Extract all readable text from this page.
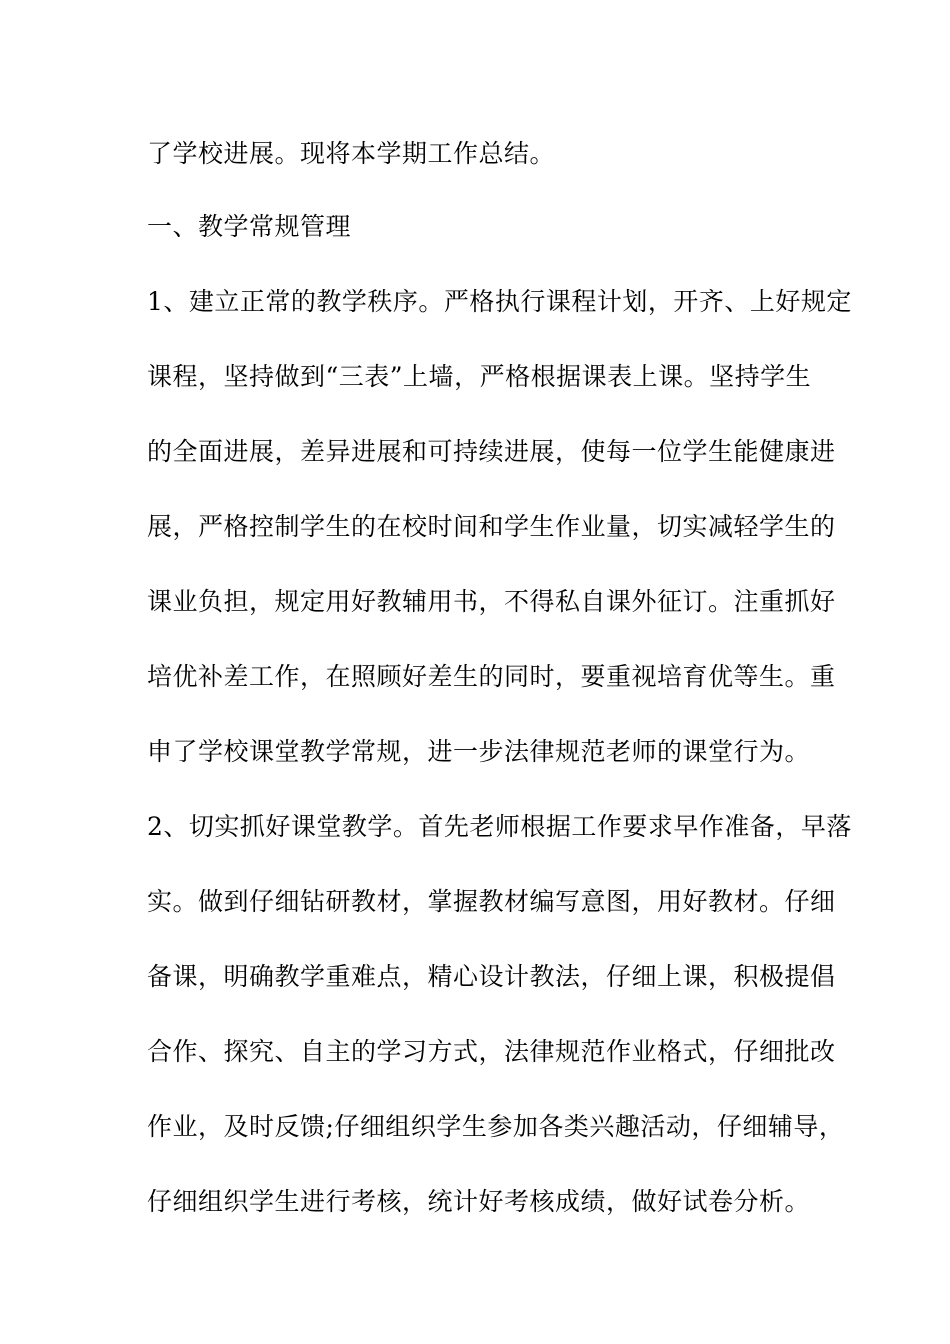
了学校进展。现将本学期工作总结。
一、教学常规管理
1、建立正常的教学秩序。严格执行课程计划，开齐、上好规定
课程，坚持做到“三表”上墙，严格根据课表上课。坚持学生
的全面进展，差异进展和可持续进展，使每一位学生能健康进
展，严格控制学生的在校时间和学生作业量，切实减轻学生的
课业负担，规定用好教辅用书，不得私自课外征订。注重抓好
培优补差工作，在照顾好差生的同时，要重视培育优等生。重
申了学校课堂教学常规，进一步法律规范老师的课堂行为。
2、切实抓好课堂教学。首先老师根据工作要求早作准备，早落
实。做到仔细钻研教材，掌握教材编写意图，用好教材。仔细
备课，明确教学重难点，精心设计教法，仔细上课，积极提倡
合作、探究、自主的学习方式，法律规范作业格式，仔细批改
作业，及时反馈;仔细组织学生参加各类兴趣活动，仔细辅导，
仔细组织学生进行考核，统计好考核成绩，做好试卷分析。
